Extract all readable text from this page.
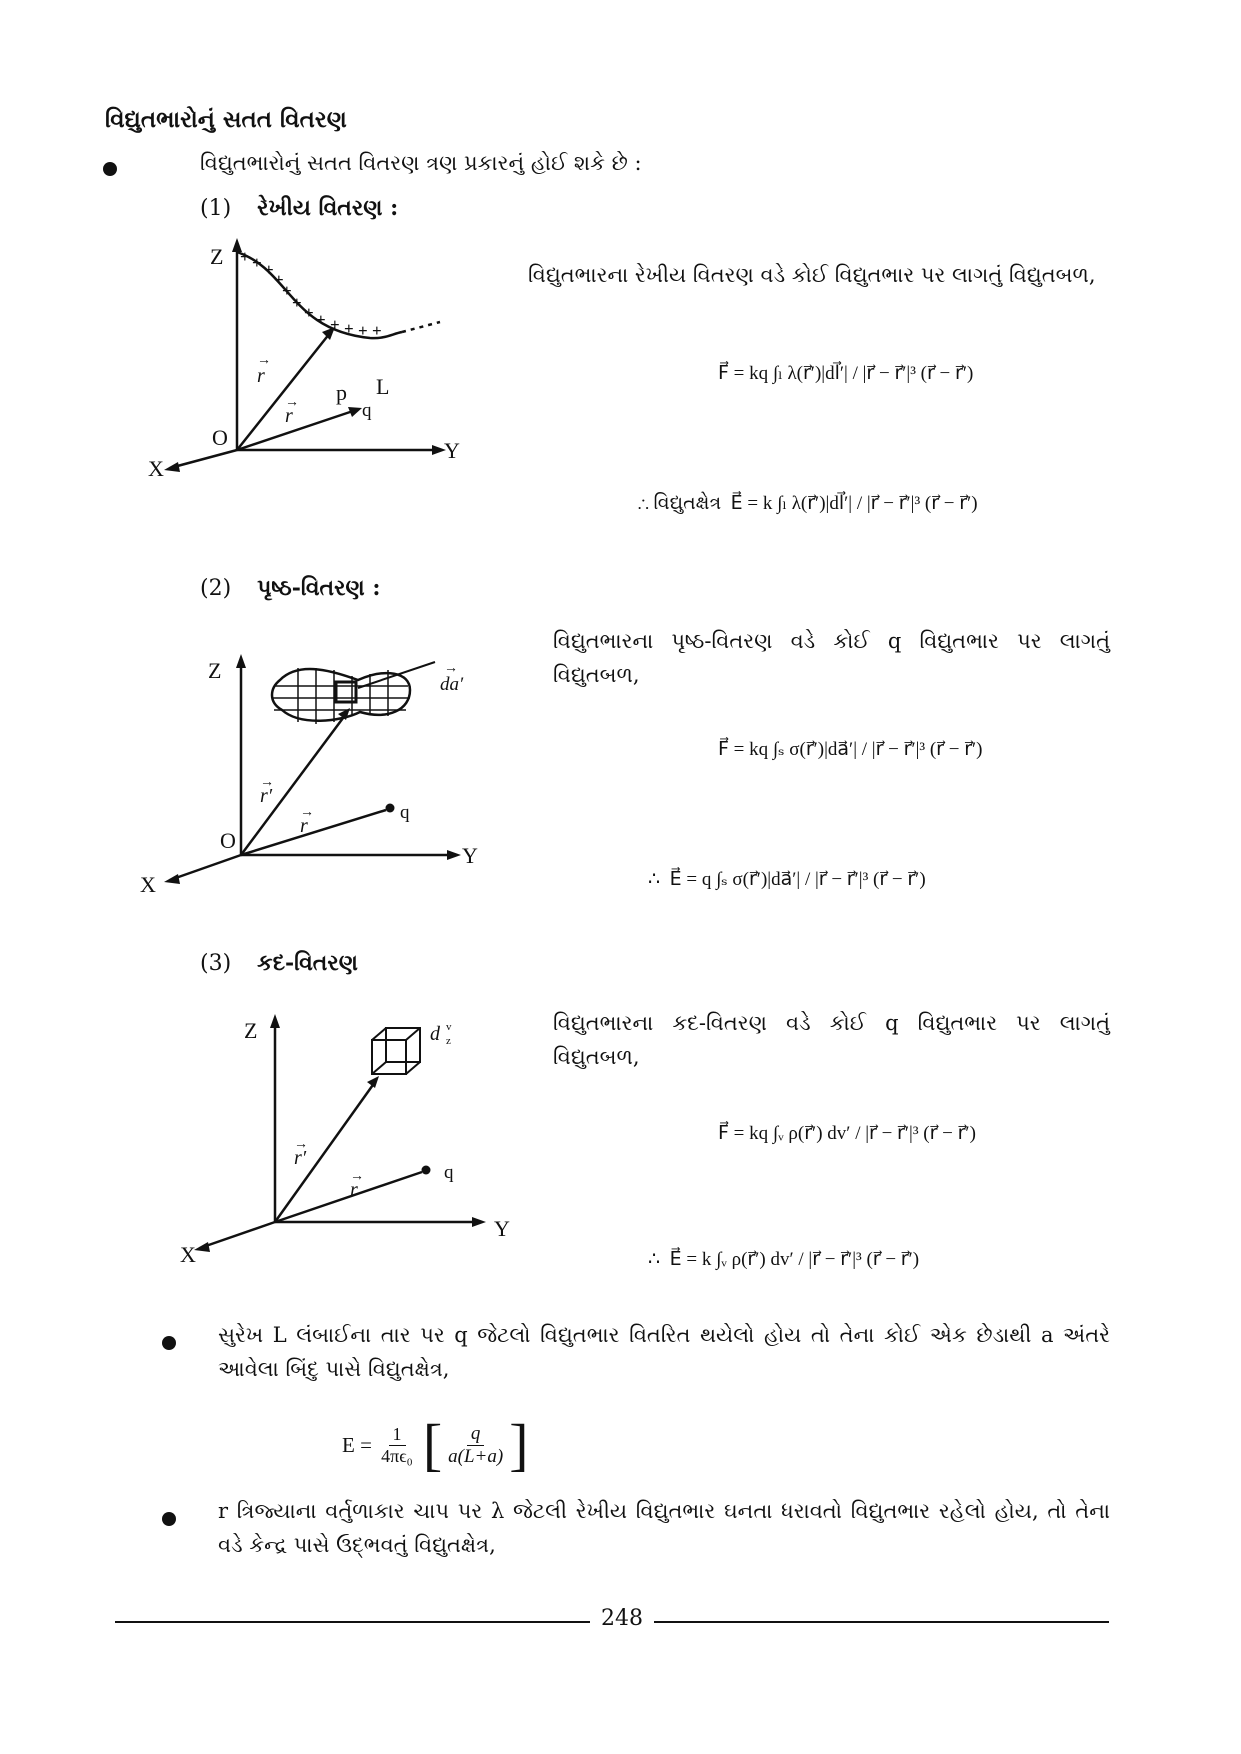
વિદ્યુતભારોનું સતત વિતરણ
વિદ્યુતભારોનું સતત વિતરણ ત્રણ પ્રકારનું હોઈ શકે છે :
(1) રેખીય વિતરણ :
+ + +
+
+
+
+ + + + + +
Z
X
Y
O
p
q
L
r
r
→
→
વિદ્યુતભારના રેખીય વિતરણ વડે કોઈ વિદ્યુતભાર પર લાગતું વિદ્યુતબળ,
F⃗ = kq ∫ₗ λ(r⃗′)|dl⃗′| / |r⃗ − r⃗′|³ (r⃗ − r⃗′)
∴ વિદ્યુતક્ષેત્ર E⃗ = k ∫ₗ λ(r⃗′)|dl⃗′| / |r⃗ − r⃗′|³ (r⃗ − r⃗′)
(2) પૃષ્ઠ-વિતરણ :
Z
X
Y
O
q
da′
r′
r
→
→
→
વિદ્યુતભારના પૃષ્ઠ-વિતરણ વડે કોઈ q વિદ્યુતભાર પર લાગતું વિદ્યુતબળ,
F⃗ = kq ∫ₛ σ(r⃗′)|da⃗′| / |r⃗ − r⃗′|³ (r⃗ − r⃗′)
∴ E⃗ = q ∫ₛ σ(r⃗′)|da⃗′| / |r⃗ − r⃗′|³ (r⃗ − r⃗′)
(3) કદ-વિતરણ
Z
X
Y
q
d v
z
r′
r
→
→
વિદ્યુતભારના કદ-વિતરણ વડે કોઈ q વિદ્યુતભાર પર લાગતું વિદ્યુતબળ,
F⃗ = kq ∫ᵥ ρ(r⃗′) dv′ / |r⃗ − r⃗′|³ (r⃗ − r⃗′)
∴ E⃗ = k ∫ᵥ ρ(r⃗′) dv′ / |r⃗ − r⃗′|³ (r⃗ − r⃗′)
સુરેખ L લંબાઈના તાર પર q જેટલો વિદ્યુતભાર વિતરિત થયેલો હોય તો તેના કોઈ એક છેડાથી a અંતરે આવેલા બિંદુ પાસે વિદ્યુતક્ષેત્ર,
E =
$\frac{1}{\text{4πϵ₀}}$ [ $\frac{q}{a(L+a)}$ ]
r ત્રિજ્યાના વર્તુળાકાર ચાપ પર λ જેટલી રેખીય વિદ્યુતભાર ઘનતા ધરાવતો વિદ્યુતભાર રહેલો હોય, તો તેના વડે કેન્દ્ર પાસે ઉદ્ભવતું વિદ્યુતક્ષેત્ર,
248
